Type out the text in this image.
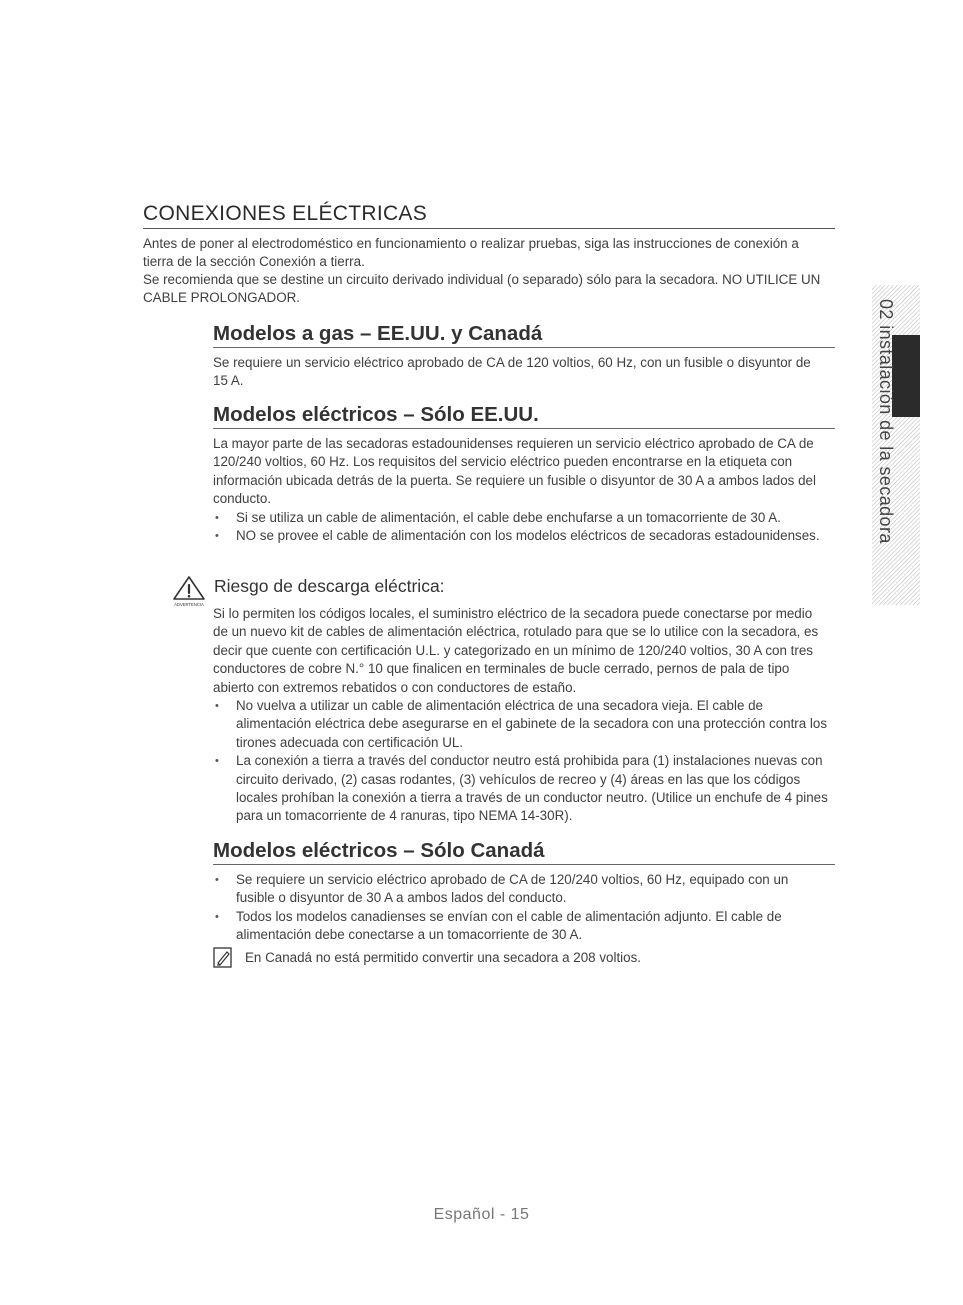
CONEXIONES ELÉCTRICAS

Antes de poner al electrodoméstico en funcionamiento o realizar pruebas, siga las instrucciones de conexión a tierra de la sección Conexión a tierra.

Se recomienda que se destine un circuito derivado individual (o separado) sólo para la secadora. NO UTILICE UN CABLE PROLONGADOR.

Modelos a gas – EE.UU. y Canadá

Se requiere un servicio eléctrico aprobado de CA de 120 voltios, 60 Hz, con un fusible o disyuntor de 15 A.

Modelos eléctricos – Sólo EE.UU.

La mayor parte de las secadoras estadounidenses requieren un servicio eléctrico aprobado de CA de 120/240 voltios, 60 Hz. Los requisitos del servicio eléctrico pueden encontrarse en la etiqueta con información ubicada detrás de la puerta. Se requiere un fusible o disyuntor de 30 A a ambos lados del conducto.

• Si se utiliza un cable de alimentación, el cable debe enchufarse a un tomacorriente de 30 A.
• NO se provee el cable de alimentación con los modelos eléctricos de secadoras estadounidenses.
ADVERTENCIA
Riesgo de descarga eléctrica:

Si lo permiten los códigos locales, el suministro eléctrico de la secadora puede conectarse por medio de un nuevo kit de cables de alimentación eléctrica, rotulado para que se lo utilice con la secadora, es decir que cuente con certificación U.L. y categorizado en un mínimo de 120/240 voltios, 30 A con tres conductores de cobre N.° 10 que finalicen en terminales de bucle cerrado, pernos de pala de tipo abierto con extremos rebatidos o con conductores de estaño.

• No vuelva a utilizar un cable de alimentación eléctrica de una secadora vieja. El cable de alimentación eléctrica debe asegurarse en el gabinete de la secadora con una protección contra los tirones adecuada con certificación UL.
• La conexión a tierra a través del conductor neutro está prohibida para (1) instalaciones nuevas con circuito derivado, (2) casas rodantes, (3) vehículos de recreo y (4) áreas en las que los códigos locales prohíban la conexión a tierra a través de un conductor neutro. (Utilice un enchufe de 4 pines para un tomacorriente de 4 ranuras, tipo NEMA 14-30R).
Modelos eléctricos – Sólo Canadá
• Se requiere un servicio eléctrico aprobado de CA de 120/240 voltios, 60 Hz, equipado con un fusible o disyuntor de 30 A a ambos lados del conducto.
• Todos los modelos canadienses se envían con el cable de alimentación adjunto. El cable de alimentación debe conectarse a un tomacorriente de 30 A.
En Canadá no está permitido convertir una secadora a 208 voltios.
02 instalación de la secadora
Español - 15
